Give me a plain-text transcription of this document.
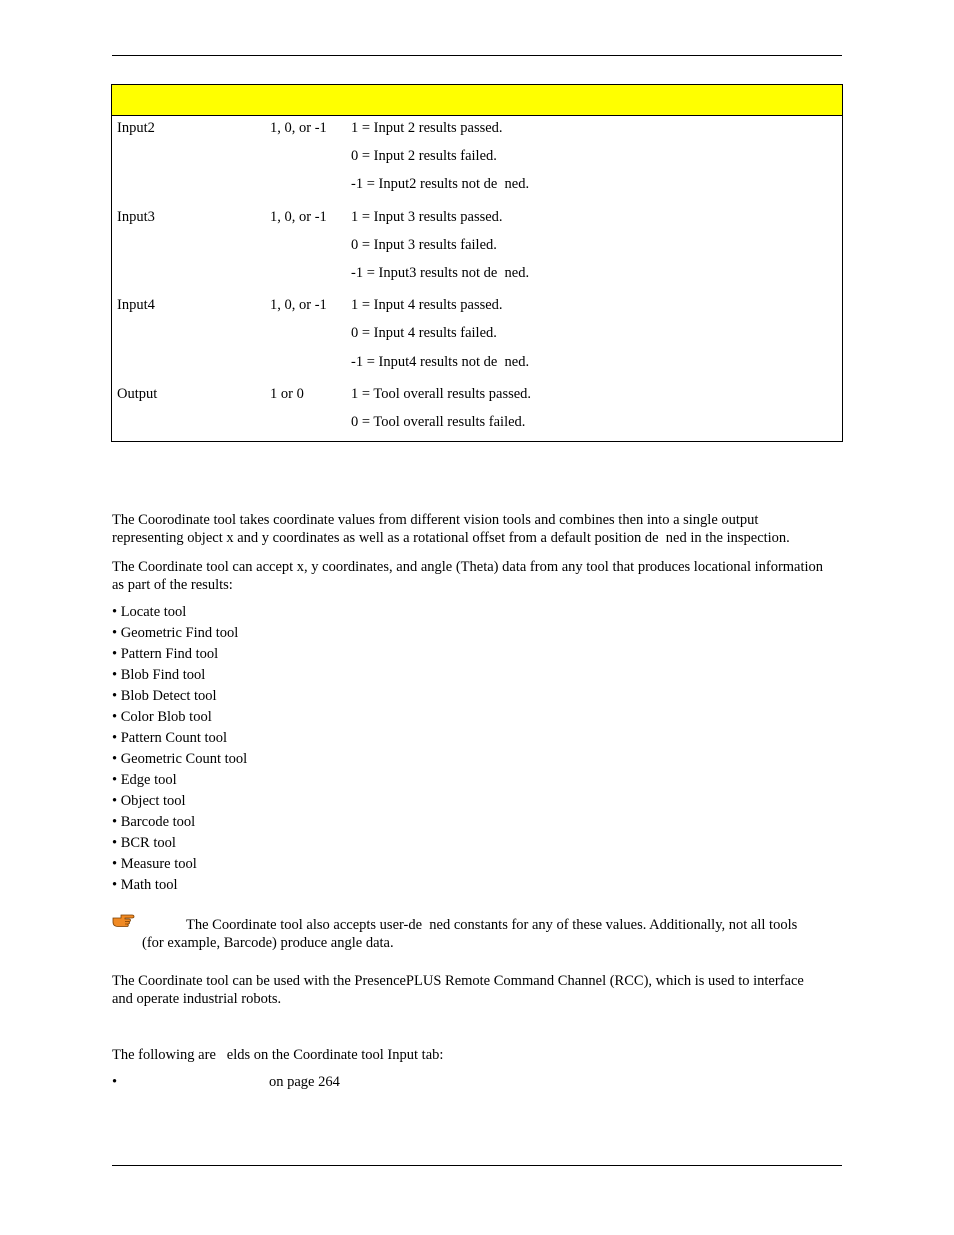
Input2	1, 0, or -1 1 = Input 2 results passed.
0 = Input 2 results failed.
-1 = Input2 results not de  ned.
Input3	1, 0, or -1 1 = Input 3 results passed.
0 = Input 3 results failed.
-1 = Input3 results not de  ned.
Input4	1, 0, or -1 1 = Input 4 results passed.
0 = Input 4 results failed.
-1 = Input4 results not de  ned.
Output	1 or 0	1 = Tool overall results passed.
0 = Tool overall results failed.
The Coorodinate tool takes coordinate values from different vision tools and combines then into a single output
representing object x and y coordinates as well as a rotational offset from a default position de  ned in the inspection.
The Coordinate tool can accept x, y coordinates, and angle (Theta) data from any tool that produces locational information
as part of the results:
• Locate tool
• Geometric Find tool
• Pattern Find tool
• Blob Find tool
• Blob Detect tool
• Color Blob tool
• Pattern Count tool
• Geometric Count tool
• Edge tool
• Object tool
• Barcode tool
• BCR tool
• Measure tool
• Math tool
The Coordinate tool also accepts user-de  ned constants for any of these values. Additionally, not all tools
(for example, Barcode) produce angle data.
The Coordinate tool can be used with the PresencePLUS Remote Command Channel (RCC), which is used to interface
and operate industrial robots.
The following are   elds on the Coordinate tool Input tab:
•	on page 264
